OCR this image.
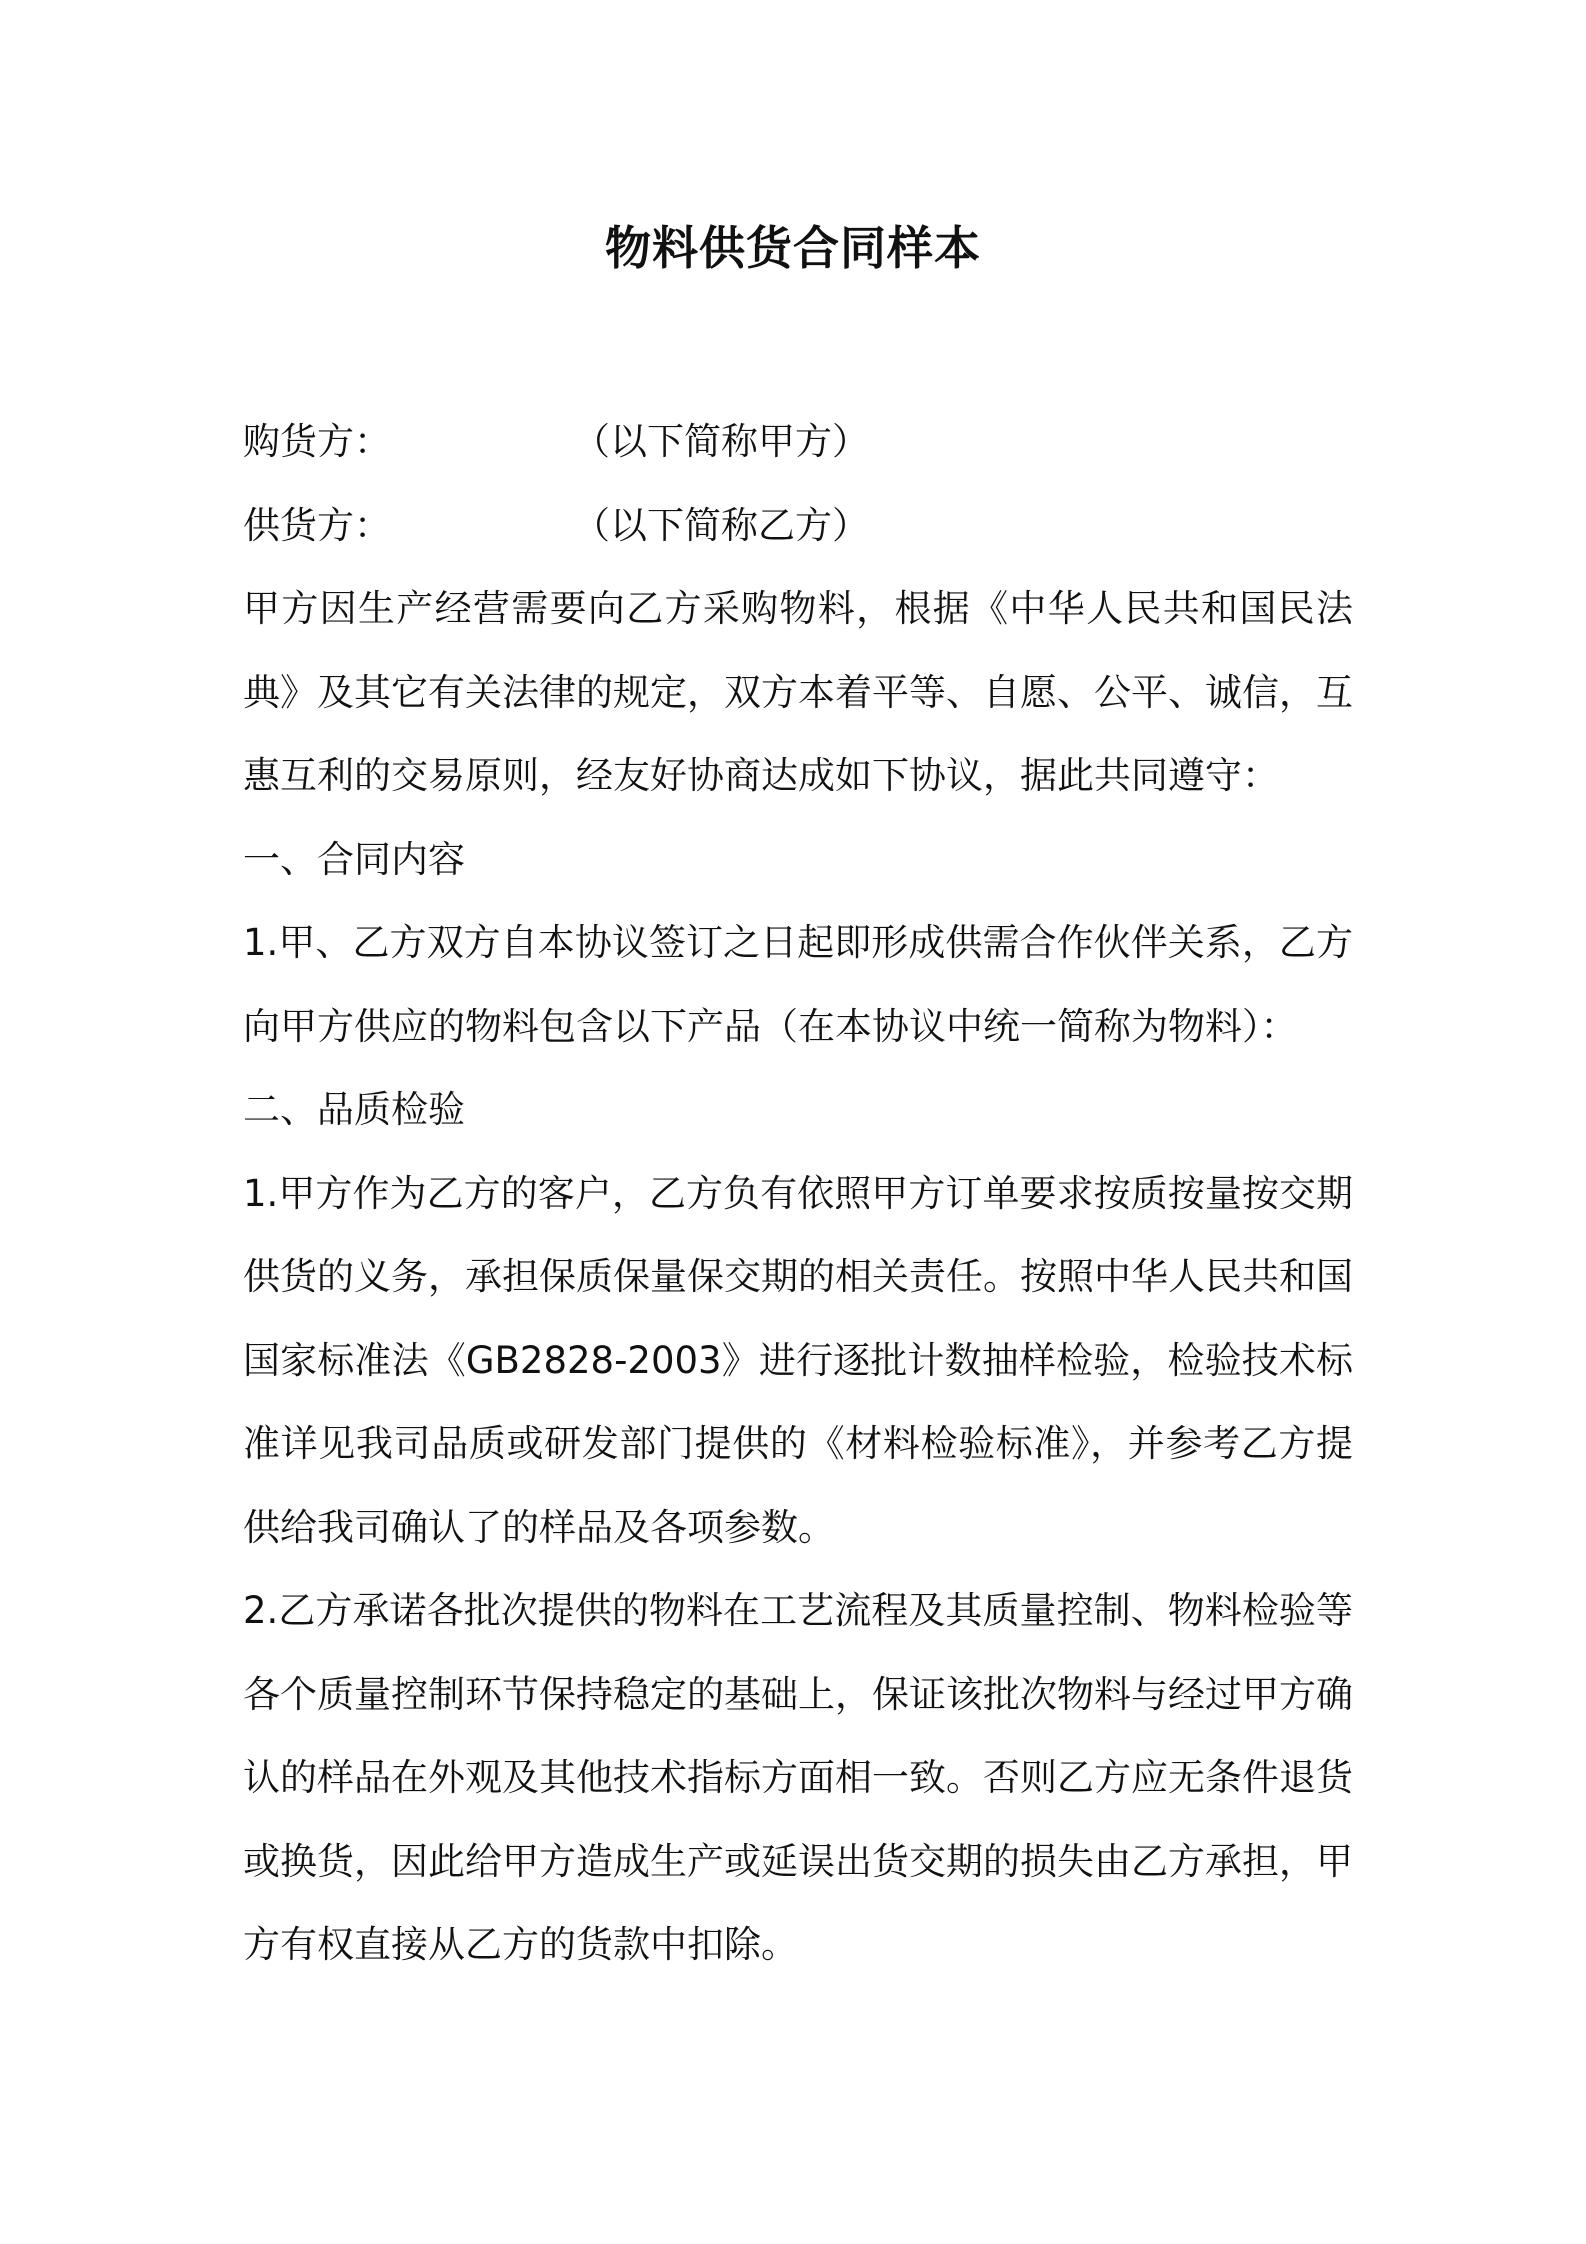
物料供货合同样本
购货方：	（以下简称甲方）
供货方：	（以下简称乙方）
甲方因生产经营需要向乙方采购物料，根据《中华人民共和国民法典》及其它有关法律的规定，双方本着平等、自愿、公平、诚信，互惠互利的交易原则，经友好协商达成如下协议，据此共同遵守：
一、合同内容
1.甲、乙方双方自本协议签订之日起即形成供需合作伙伴关系，乙方向甲方供应的物料包含以下产品（在本协议中统一简称为物料）：
二、品质检验
1.甲方作为乙方的客户，乙方负有依照甲方订单要求按质按量按交期供货的义务，承担保质保量保交期的相关责任。按照中华人民共和国国家标准法《GB2828-2003》进行逐批计数抽样检验，检验技术标准详见我司品质或研发部门提供的《材料检验标准》，并参考乙方提供给我司确认了的样品及各项参数。
2.乙方承诺各批次提供的物料在工艺流程及其质量控制、物料检验等各个质量控制环节保持稳定的基础上，保证该批次物料与经过甲方确认的样品在外观及其他技术指标方面相一致。否则乙方应无条件退货或换货，因此给甲方造成生产或延误出货交期的损失由乙方承担，甲方有权直接从乙方的货款中扣除。
